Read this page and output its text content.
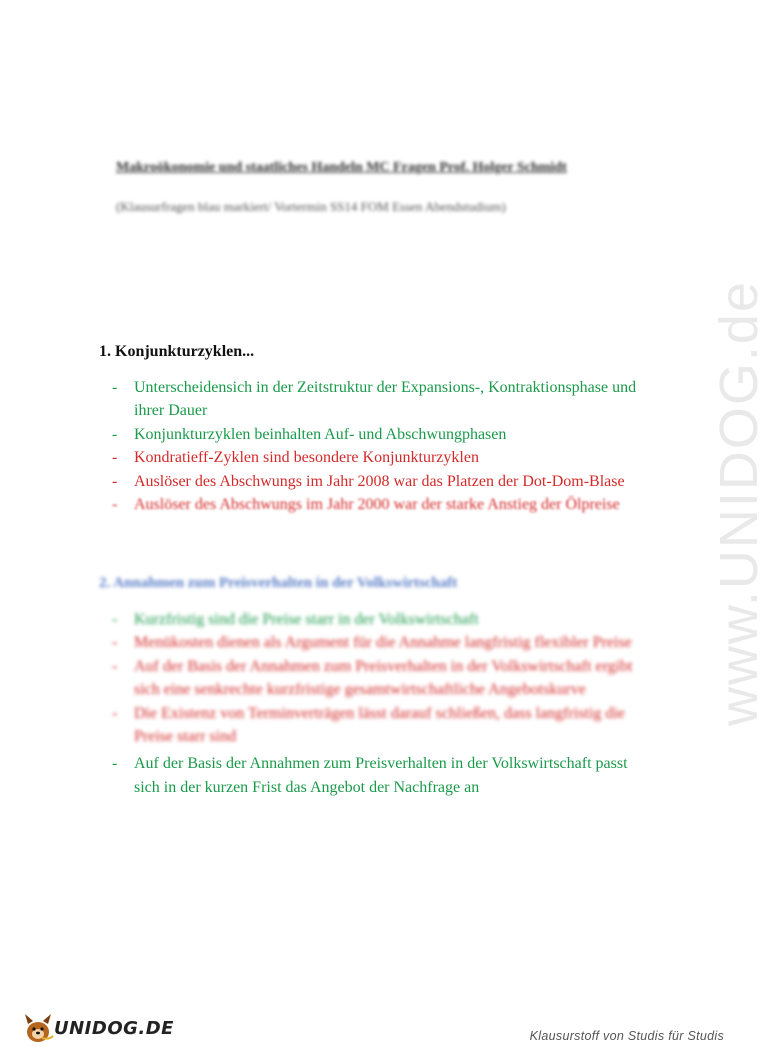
www.UNIDOG.de
Makroökonomie und staatliches Handeln MC Fragen Prof. Holger Schmidt
(Klausurfragen blau markiert/ Vortermin SS14 FOM Essen Abendstudium)
1. Konjunkturzyklen...
- Unterscheidensich in der Zeitstruktur der Expansions-, Kontraktionsphase und ihrer Dauer
- Konjunkturzyklen beinhalten Auf- und Abschwungphasen
- Kondratieff-Zyklen sind besondere Konjunkturzyklen
- Auslöser des Abschwungs im Jahr 2008 war das Platzen der Dot-Dom-Blase
- Auslöser des Abschwungs im Jahr 2000 war der starke Anstieg der Ölpreise
2. Annahmen zum Preisverhalten in der Volkswirtschaft
- Kurzfristig sind die Preise starr in der Volkswirtschaft
- Menükosten dienen als Argument für die Annahme langfristig flexibler Preise
- Auf der Basis der Annahmen zum Preisverhalten in der Volkswirtschaft ergibt sich eine senkrechte kurzfristige gesamtwirtschaftliche Angebotskurve
- Die Existenz von Terminverträgen lässt darauf schließen, dass langfristig die Preise starr sind
- Auf der Basis der Annahmen zum Preisverhalten in der Volkswirtschaft passt sich in der kurzen Frist das Angebot der Nachfrage an
UNIDOG.DE	Klausurstoff von Studis für Studis
